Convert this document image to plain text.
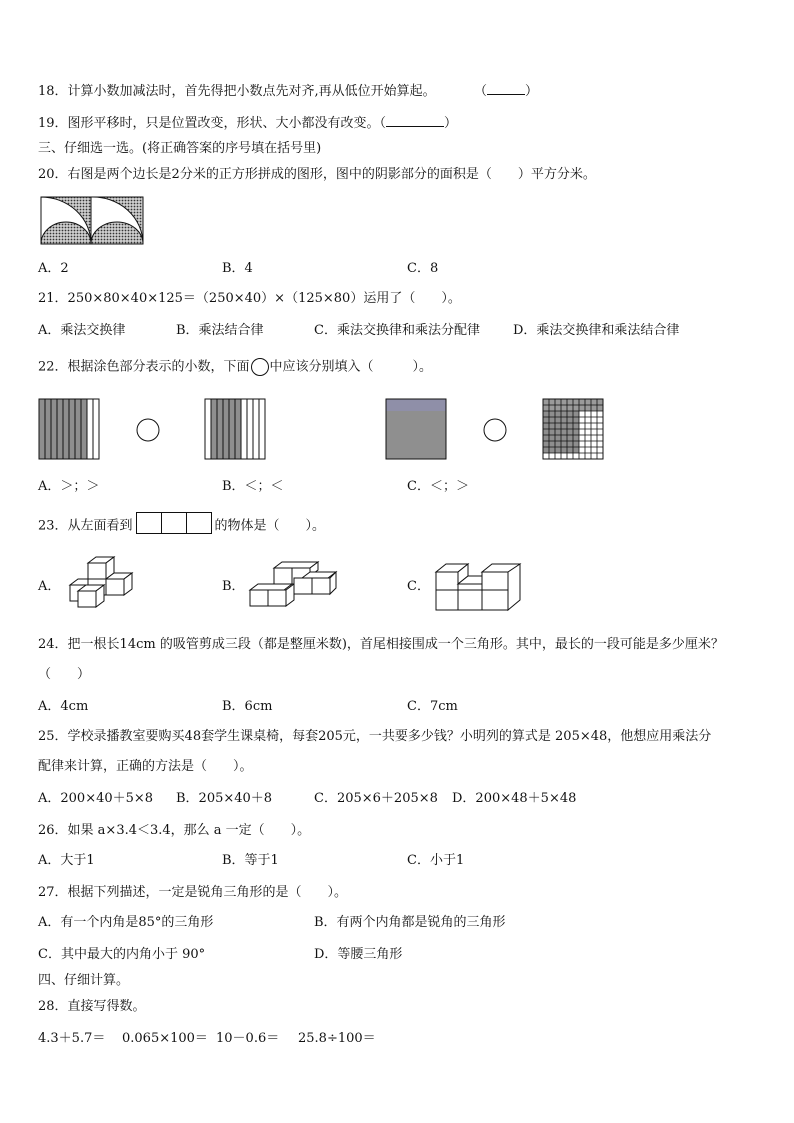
18．计算小数加减法时，首先得把小数点先对齐,再从低位开始算起。	（	）
19．图形平移时，只是位置改变，形状、大小都没有改变。（	）
三、仔细选一选。(将正确答案的序号填在括号里)
20．右图是两个边长是2分米的正方形拼成的图形，图中的阴影部分的面积是（　　）平方分米。
A．2	B．4	C．8
21．250×80×40×125＝（250×40）×（125×80）运用了（　　）。
A．乘法交换律	B．乘法结合律	C．乘法交换律和乘法分配律	D．乘法交换律和乘法结合律
22．根据涂色部分表示的小数，下面 中应该分别填入（　　　）。
A．＞；＞	B．＜；＜	C．＜；＞
23．从左面看到	的物体是（　　）。
A．	B．	C．
24．把一根长14cm 的吸管剪成三段（都是整厘米数)，首尾相接围成一个三角形。其中，最长的一段可能是多少厘米？
（　　）
A．4cm	B．6cm	C．7cm
25．学校录播教室要购买48套学生课桌椅，每套205元，一共要多少钱？小明列的算式是 205×48，他想应用乘法分
配律来计算，正确的方法是（　　）。
A．200×40＋5×8 B．205×40＋8	C．205×6＋205×8 D．200×48＋5×48
26．如果 a×3.4＜3.4，那么 a 一定（　　）。
A．大于1	B．等于1	C．小于1
27．根据下列描述，一定是锐角三角形的是（　　）。
A．有一个内角是85°的三角形	B．有两个内角都是锐角的三角形
C．其中最大的内角小于 90°	D．等腰三角形
四、仔细计算。
28．直接写得数。
4.3＋5.7＝ 0.065×100＝ 10－0.6＝ 25.8÷100＝
